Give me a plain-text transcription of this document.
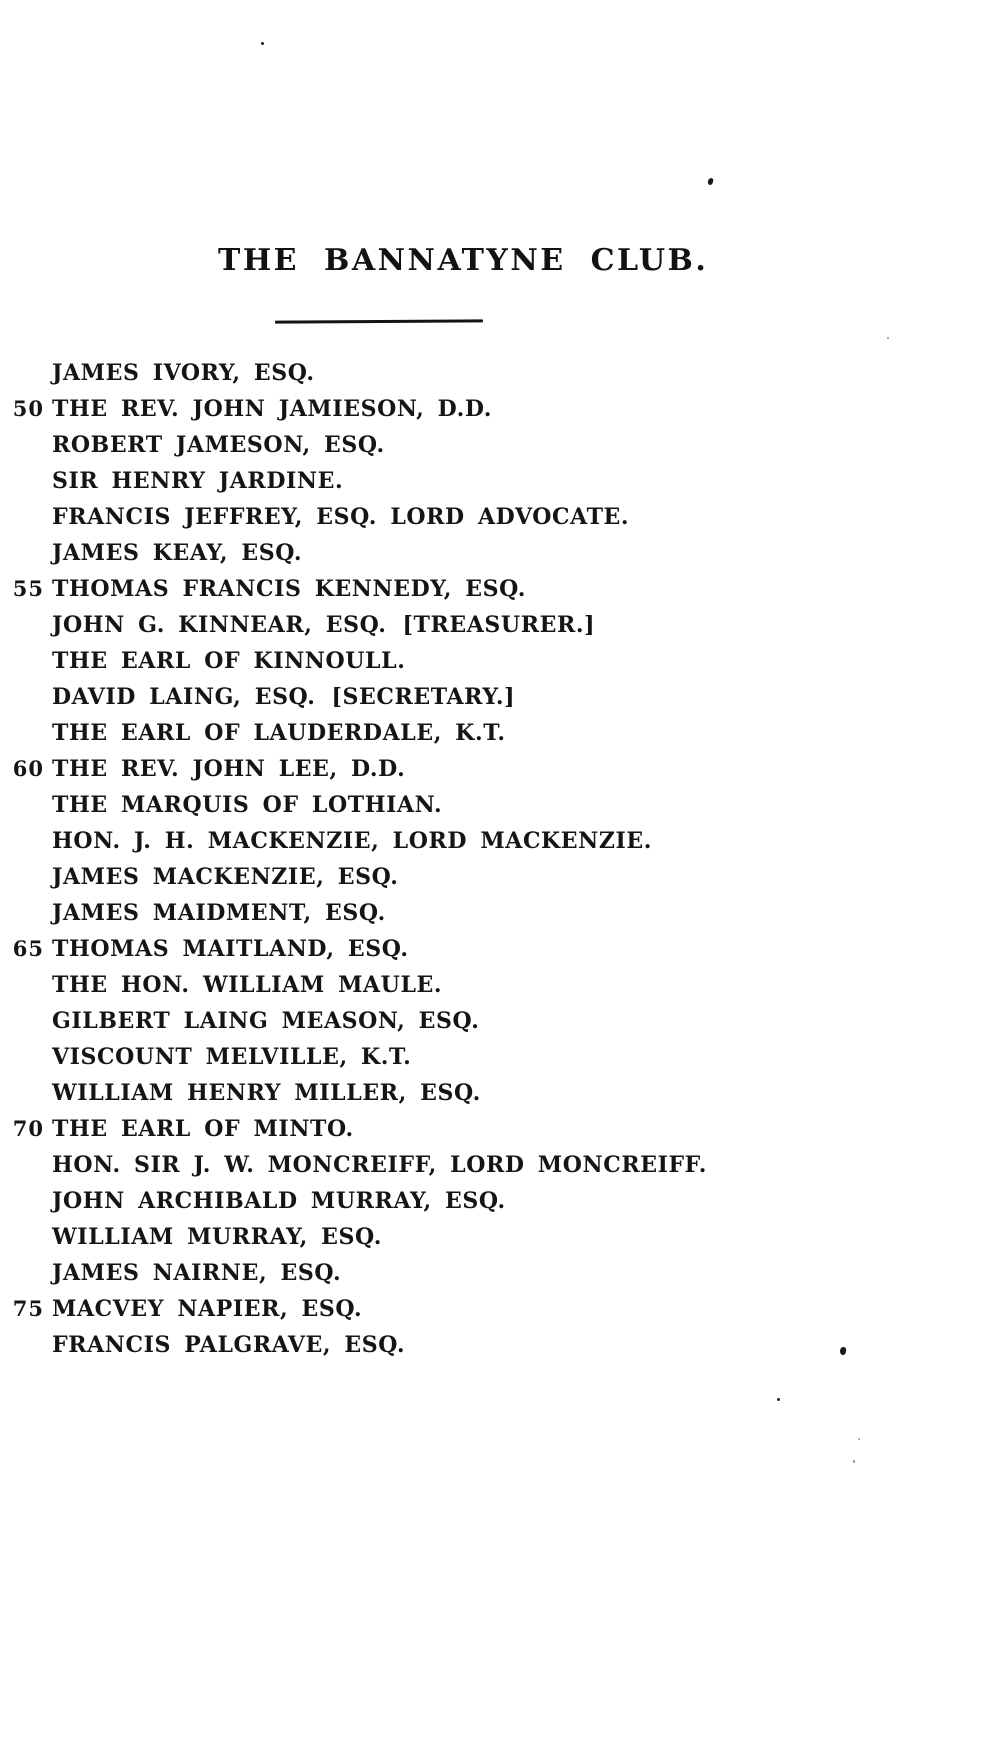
THE BANNATYNE CLUB.
JAMES IVORY, ESQ.
50 THE REV. JOHN JAMIESON, D.D.
ROBERT JAMESON, ESQ.
SIR HENRY JARDINE.
FRANCIS JEFFREY, ESQ. LORD ADVOCATE.
JAMES KEAY, ESQ.
55 THOMAS FRANCIS KENNEDY, ESQ.
JOHN G. KINNEAR, ESQ. [TREASURER.]
THE EARL OF KINNOULL.
DAVID LAING, ESQ. [SECRETARY.]
THE EARL OF LAUDERDALE, K.T.
60 THE REV. JOHN LEE, D.D.
THE MARQUIS OF LOTHIAN.
HON. J. H. MACKENZIE, LORD MACKENZIE.
JAMES MACKENZIE, ESQ.
JAMES MAIDMENT, ESQ.
65 THOMAS MAITLAND, ESQ.
THE HON. WILLIAM MAULE.
GILBERT LAING MEASON, ESQ.
VISCOUNT MELVILLE, K.T.
WILLIAM HENRY MILLER, ESQ.
70 THE EARL OF MINTO.
HON. SIR J. W. MONCREIFF, LORD MONCREIFF.
JOHN ARCHIBALD MURRAY, ESQ.
WILLIAM MURRAY, ESQ.
JAMES NAIRNE, ESQ.
75 MACVEY NAPIER, ESQ.
FRANCIS PALGRAVE, ESQ.
